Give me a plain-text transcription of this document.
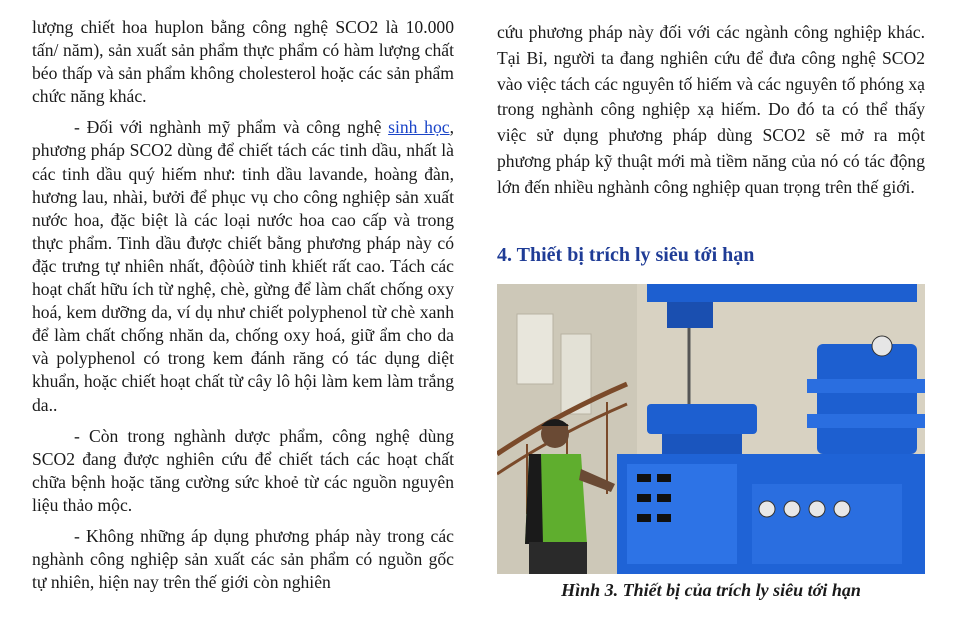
lượng chiết hoa huplon bằng công nghệ SCO2 là 10.000 tấn/ năm), sản xuất sản phẩm thực phẩm có hàm lượng chất béo thấp và sản phẩm không cholesterol hoặc các sản phẩm chức năng khác.

- Đối với nghành mỹ phẩm và công nghệ sinh học, phương pháp SCO2 dùng để chiết tách các tinh dầu, nhất là các tinh dầu quý hiếm như: tinh dầu lavande, hoàng đàn, hương lau, nhài, bưởi để phục vụ cho công nghiệp sản xuất nước hoa, đặc biệt là các loại nước hoa cao cấp và trong thực phẩm. Tinh dầu được chiết bằng phương pháp này có đặc trưng tự nhiên nhất, độòúờ tinh khiết rất cao. Tách các hoạt chất hữu ích từ nghệ, chè, gừng để làm chất chống oxy hoá, kem dưỡng da, ví dụ như chiết polyphenol từ chè xanh để làm chất chống nhăn da, chống oxy hoá, giữ ẩm cho da và polyphenol có trong kem đánh răng có tác dụng diệt khuẩn, hoặc chiết hoạt chất từ cây lô hội làm kem làm trắng da..

- Còn trong nghành dược phẩm, công nghệ dùng SCO2 đang được nghiên cứu để chiết tách các hoạt chất chữa bệnh hoặc tăng cường sức khoẻ từ các nguồn nguyên liệu thảo mộc.

- Không những áp dụng phương pháp này trong các nghành công nghiệp sản xuất các sản phẩm có nguồn gốc tự nhiên, hiện nay trên thế giới còn nghiên

cứu phương pháp này đối với các ngành công nghiệp khác. Tại Bỉ, người ta đang nghiên cứu để đưa công nghệ SCO2 vào việc tách các nguyên tố hiếm và các nguyên tố phóng xạ trong nghành công nghiệp xạ hiếm. Do đó ta có thể thấy việc sử dụng phương pháp dùng SCO2 sẽ mở ra một phương pháp kỹ thuật mới mà tiềm năng của nó có tác động lớn đến nhiều nghành công nghiệp quan trọng trên thế giới.

4. Thiết bị trích ly siêu tới hạn
Hình 3. Thiết bị của trích ly siêu tới hạn
